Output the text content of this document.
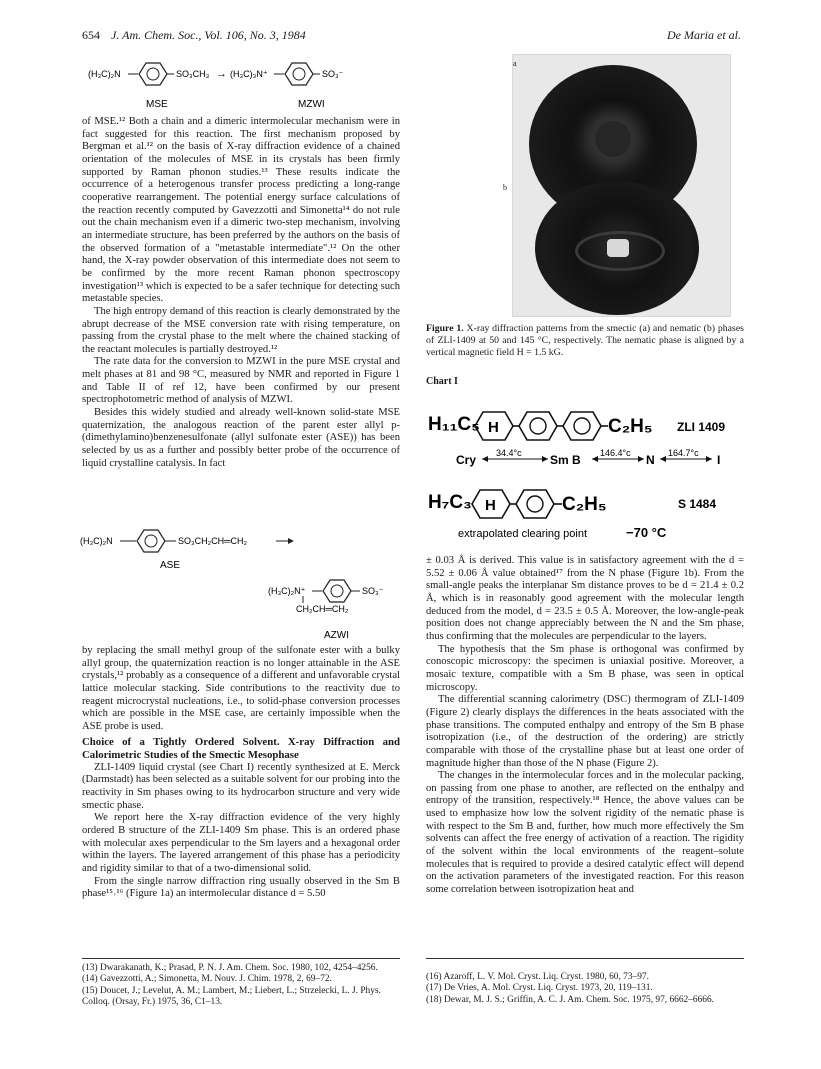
654 J. Am. Chem. Soc., Vol. 106, No. 3, 1984	De Maria et al.
(H₃C)₂N	SO₃CH₃ → (H₃C)₃N⁺	SO₃⁻
MSE	MZWI

of MSE.¹² Both a chain and a dimeric intermolecular mechanism were in fact suggested for this reaction. The first mechanism proposed by Bergman et al.¹² on the basis of X-ray diffraction evidence of a chained orientation of the molecules of MSE in its crystals has been firmly supported by Raman phonon studies.¹³ These results indicate the occurrence of a heterogenous transfer process predicting a long-range cooperative rearrangement. The potential energy surface calculations of the reaction recently computed by Gavezzotti and Simonetta¹⁴ do not rule out the chain mechanism even if a dimeric two-step mechanism, involving an intermediate structure, has been preferred by the authors on the basis of the observed formation of a "metastable intermediate".¹² On the other hand, the X-ray powder observation of this intermediate does not seem to be confirmed by the more recent Raman phonon spectroscopy investigation¹³ which is expected to be a safer technique for detecting such metastable species.

The high entropy demand of this reaction is clearly demonstrated by the abrupt decrease of the MSE conversion rate with rising temperature, on passing from the crystal phase to the melt where the chained stacking of the reactant molecules is partially destroyed.¹²

The rate data for the conversion to MZWI in the pure MSE crystal and melt phases at 81 and 98 °C, measured by NMR and reported in Figure 1 and Table II of ref 12, have been confirmed by our present spectrophotometric method of analysis of MZWI.

Besides this widely studied and already well-known solid-state MSE quaternization, the analogous reaction of the parent ester allyl p-(dimethylamino)benzenesulfonate (allyl sulfonate ester (ASE)) has been selected by us as a further and possibly better probe of the occurrence of liquid crystalline catalysis. In fact

(H₃C)₂N	SO₃CH₂CH═CH₂
ASE
(H₃C)₂N⁺	SO₃⁻
CH₂CH═CH₂
AZWI

by replacing the small methyl group of the sulfonate ester with a bulky allyl group, the quaternization reaction is no longer attainable in the ASE crystals,¹² probably as a consequence of a different and unfavorable crystal lattice molecular stacking. Side contributions to the reactivity due to reagent microcrystal nucleations, i.e., to solid-phase conversion processes which are possible in the MSE case, are certainly impossible when the ASE probe is used.

Choice of a Tightly Ordered Solvent. X-ray Diffraction and Calorimetric Studies of the Smectic Mesophase

ZLI-1409 liquid crystal (see Chart I) recently synthesized at E. Merck (Darmstadt) has been selected as a suitable solvent for our probing into the reactivity in Sm phases owing to its hydrocarbon structure and very wide smectic phase.

We report here the X-ray diffraction evidence of the very highly ordered B structure of the ZLI-1409 Sm phase. This is an ordered phase with molecular axes perpendicular to the Sm layers and a hexagonal order within the layers. The layered arrangement of this phase has a periodicity and rigidity similar to that of a two-dimensional solid.

From the single narrow diffraction ring usually observed in the Sm B phase¹⁵˒¹⁶ (Figure 1a) an intermolecular distance d = 5.50

a
b
Figure 1. X-ray diffraction patterns from the smectic (a) and nematic (b) phases of ZLI-1409 at 50 and 145 °C, respectively. The nematic phase is aligned by a vertical magnetic field H = 1.5 kG.
Chart I
H₁₁C₅ H	C₂H₅ ZLI 1409
Cry 34.4°c Sm B 146.4°c N 164.7°c I
H₇C₃ H	C₂H₅	S 1484
extrapolated clearing point	−70 °C

± 0.03 Å is derived. This value is in satisfactory agreement with the d = 5.52 ± 0.06 Å value obtained¹⁷ from the N phase (Figure 1b). From the small-angle peaks the interplanar Sm distance proves to be d = 21.4 ± 0.2 Å, which is in reasonably good agreement with the molecular length deduced from the model, d = 23.5 ± 0.5 Å. Moreover, the low-angle-peak position does not change appreciably between the N and the Sm phase, thus confirming that the molecules are perpendicular to the layers.

The hypothesis that the Sm phase is orthogonal was confirmed by conoscopic microscopy: the specimen is uniaxial positive. Moreover, a mosaic texture, compatible with a Sm B phase, was seen in optical microscopy.

The differential scanning calorimetry (DSC) thermogram of ZLI-1409 (Figure 2) clearly displays the differences in the heats associated with the phase transitions. The computed enthalpy and entropy of the Sm B phase isotropization (i.e., of the destruction of the ordering) are strictly comparable with those of the crystalline phase but at least one order of magnitude higher than those of the N phase (Figure 2).

The changes in the intermolecular forces and in the molecular packing, on passing from one phase to another, are reflected on the enthalpy and entropy of the transition, respectively.¹⁸ Hence, the above values can be used to emphasize how low the solvent rigidity of the nematic phase is with respect to the Sm B and, further, how much more effectively the Sm solvents can affect the free energy of activation of a reaction. The rigidity of the solvent within the local environments of the reagent–solute molecules that is required to provide a desired catalytic effect will depend on the activation parameters of the investigated reaction. For this reason some correlation between isotropization heat and

(13) Dwarakanath, K.; Prasad, P. N. J. Am. Chem. Soc. 1980, 102, 4254–4256.
(14) Gavezzotti, A.; Simonetta, M. Nouv. J. Chim. 1978, 2, 69–72.
(15) Doucet, J.; Levelut, A. M.; Lambert, M.; Liebert, L.; Strzelecki, L. J. Phys. Colloq. (Orsay, Fr.) 1975, 36, C1–13.
(16) Azaroff, L. V. Mol. Cryst. Liq. Cryst. 1980, 60, 73–97.
(17) De Vries, A. Mol. Cryst. Liq. Cryst. 1973, 20, 119–131.
(18) Dewar, M. J. S.; Griffin, A. C. J. Am. Chem. Soc. 1975, 97, 6662–6666.
